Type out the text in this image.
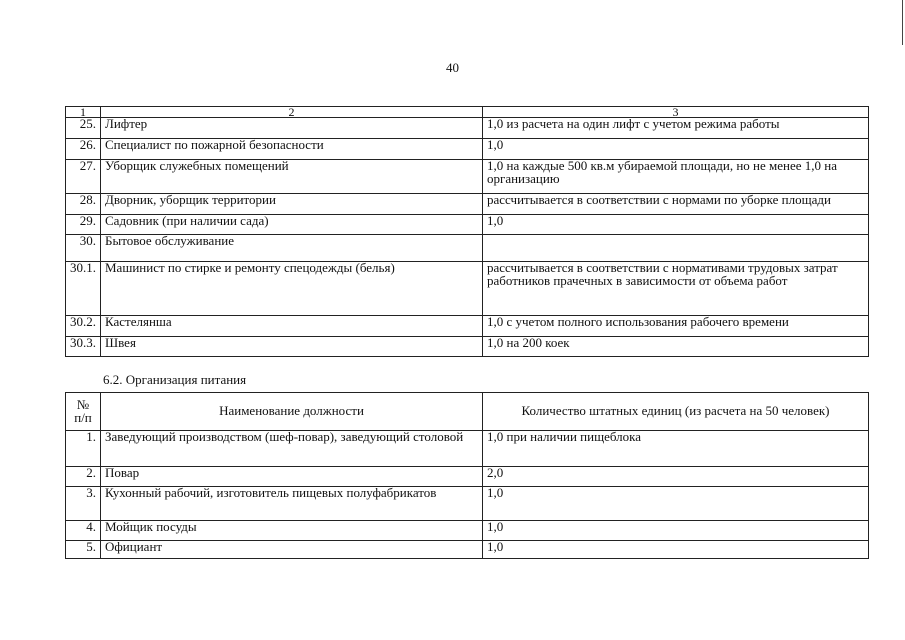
40
1	2	3
25.	Лифтер	1,0 из расчета на один лифт с учетом режима работы
26.	Специалист по пожарной безопасности	1,0
27.	Уборщик служебных помещений	1,0 на каждые 500 кв.м убираемой площади, но не менее 1,0 на организацию
28.	Дворник, уборщик территории	рассчитывается в соответствии с нормами по уборке площади
29.	Садовник (при наличии сада)	1,0
30.	Бытовое обслуживание	
30.1.	Машинист по стирке и ремонту спецодежды (белья)	рассчитывается в соответствии с нормативами трудовых затрат работников прачечных в зависимости от объема работ
30.2.	Кастелянша	1,0 с учетом полного использования рабочего времени
30.3.	Швея	1,0 на 200 коек
6.2. Организация питания
№ п/п	Наименование должности	Количество штатных единиц (из расчета на 50 человек)
1.	Заведующий производством (шеф-повар), заведующий столовой	1,0 при наличии пищеблока
2.	Повар	2,0
3.	Кухонный рабочий, изготовитель пищевых полуфабрикатов	1,0
4.	Мойщик посуды	1,0
5.	Официант	1,0
